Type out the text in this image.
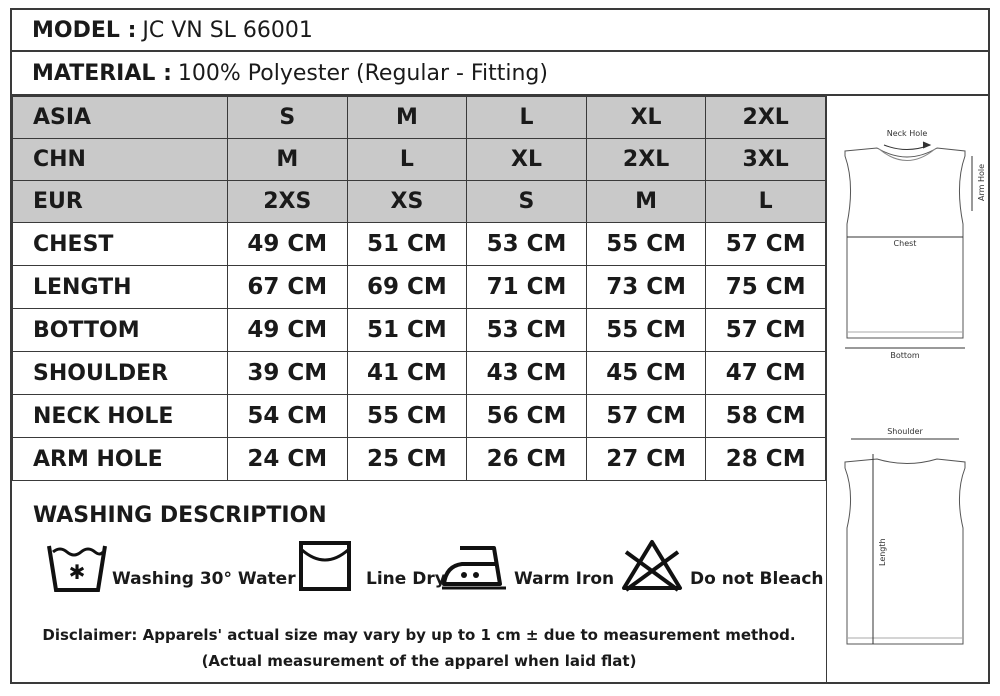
MODEL : JC VN SL 66001
MATERIAL : 100% Polyester (Regular - Fitting)
ASIA	S	M	L	XL	2XL
CHN	M	L	XL	2XL	3XL
EUR	2XS	XS	S	M	L
CHEST	49 CM	51 CM	53 CM	55 CM	57 CM
LENGTH	67 CM	69 CM	71 CM	73 CM	75 CM
BOTTOM	49 CM	51 CM	53 CM	55 CM	57 CM
SHOULDER	39 CM	41 CM	43 CM	45 CM	47 CM
NECK HOLE	54 CM	55 CM	56 CM	57 CM	58 CM
ARM HOLE	24 CM	25 CM	26 CM	27 CM	28 CM
Neck Hole
Arm Hole
Chest
Bottom
Shoulder
Length
WASHING DESCRIPTION
✱ Washing 30° Water	Line Dry	Warm Iron	Do not Bleach
Disclaimer: Apparels' actual size may vary by up to 1 cm ± due to measurement method.
(Actual measurement of the apparel when laid flat)
